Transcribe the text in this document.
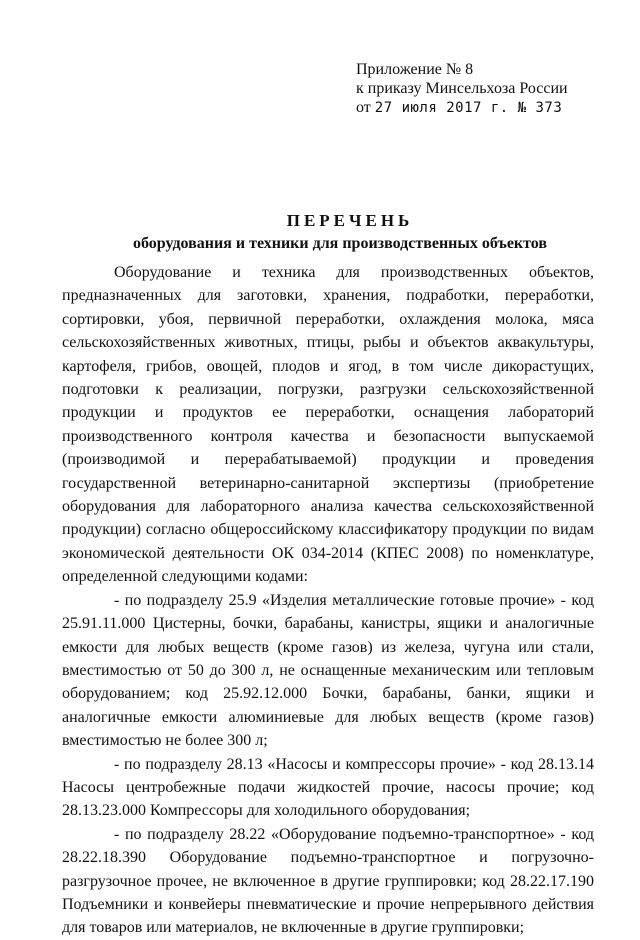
Приложение № 8
к приказу Минсельхоза России
от 27 июля 2017 г. № 373
ПЕРЕЧЕНЬ
оборудования и техники для производственных объектов

Оборудование и техника для производственных объектов, предназначенных для заготовки, хранения, подработки, переработки, сортировки, убоя, первичной переработки, охлаждения молока, мяса сельскохозяйственных животных, птицы, рыбы и объектов аквакультуры, картофеля, грибов, овощей, плодов и ягод, в том числе дикорастущих, подготовки к реализации, погрузки, разгрузки сельскохозяйственной продукции и продуктов ее переработки, оснащения лабораторий производственного контроля качества и безопасности выпускаемой (производимой и перерабатываемой) продукции и проведения государственной ветеринарно-санитарной экспертизы (приобретение оборудования для лабораторного анализа качества сельскохозяйственной продукции) согласно общероссийскому классификатору продукции по видам экономической деятельности ОК 034-2014 (КПЕС 2008) по номенклатуре, определенной следующими кодами:

- по подразделу 25.9 «Изделия металлические готовые прочие» - код 25.91.11.000 Цистерны, бочки, барабаны, канистры, ящики и аналогичные емкости для любых веществ (кроме газов) из железа, чугуна или стали, вместимостью от 50 до 300 л, не оснащенные механическим или тепловым оборудованием; код 25.92.12.000 Бочки, барабаны, банки, ящики и аналогичные емкости алюминиевые для любых веществ (кроме газов) вместимостью не более 300 л;

- по подразделу 28.13 «Насосы и компрессоры прочие» - код 28.13.14 Насосы центробежные подачи жидкостей прочие, насосы прочие; код 28.13.23.000 Компрессоры для холодильного оборудования;

- по подразделу 28.22 «Оборудование подъемно-транспортное» - код 28.22.18.390 Оборудование подъемно-транспортное и погрузочно-разгрузочное прочее, не включенное в другие группировки; код 28.22.17.190 Подъемники и конвейеры пневматические и прочие непрерывного действия для товаров или материалов, не включенные в другие группировки;
